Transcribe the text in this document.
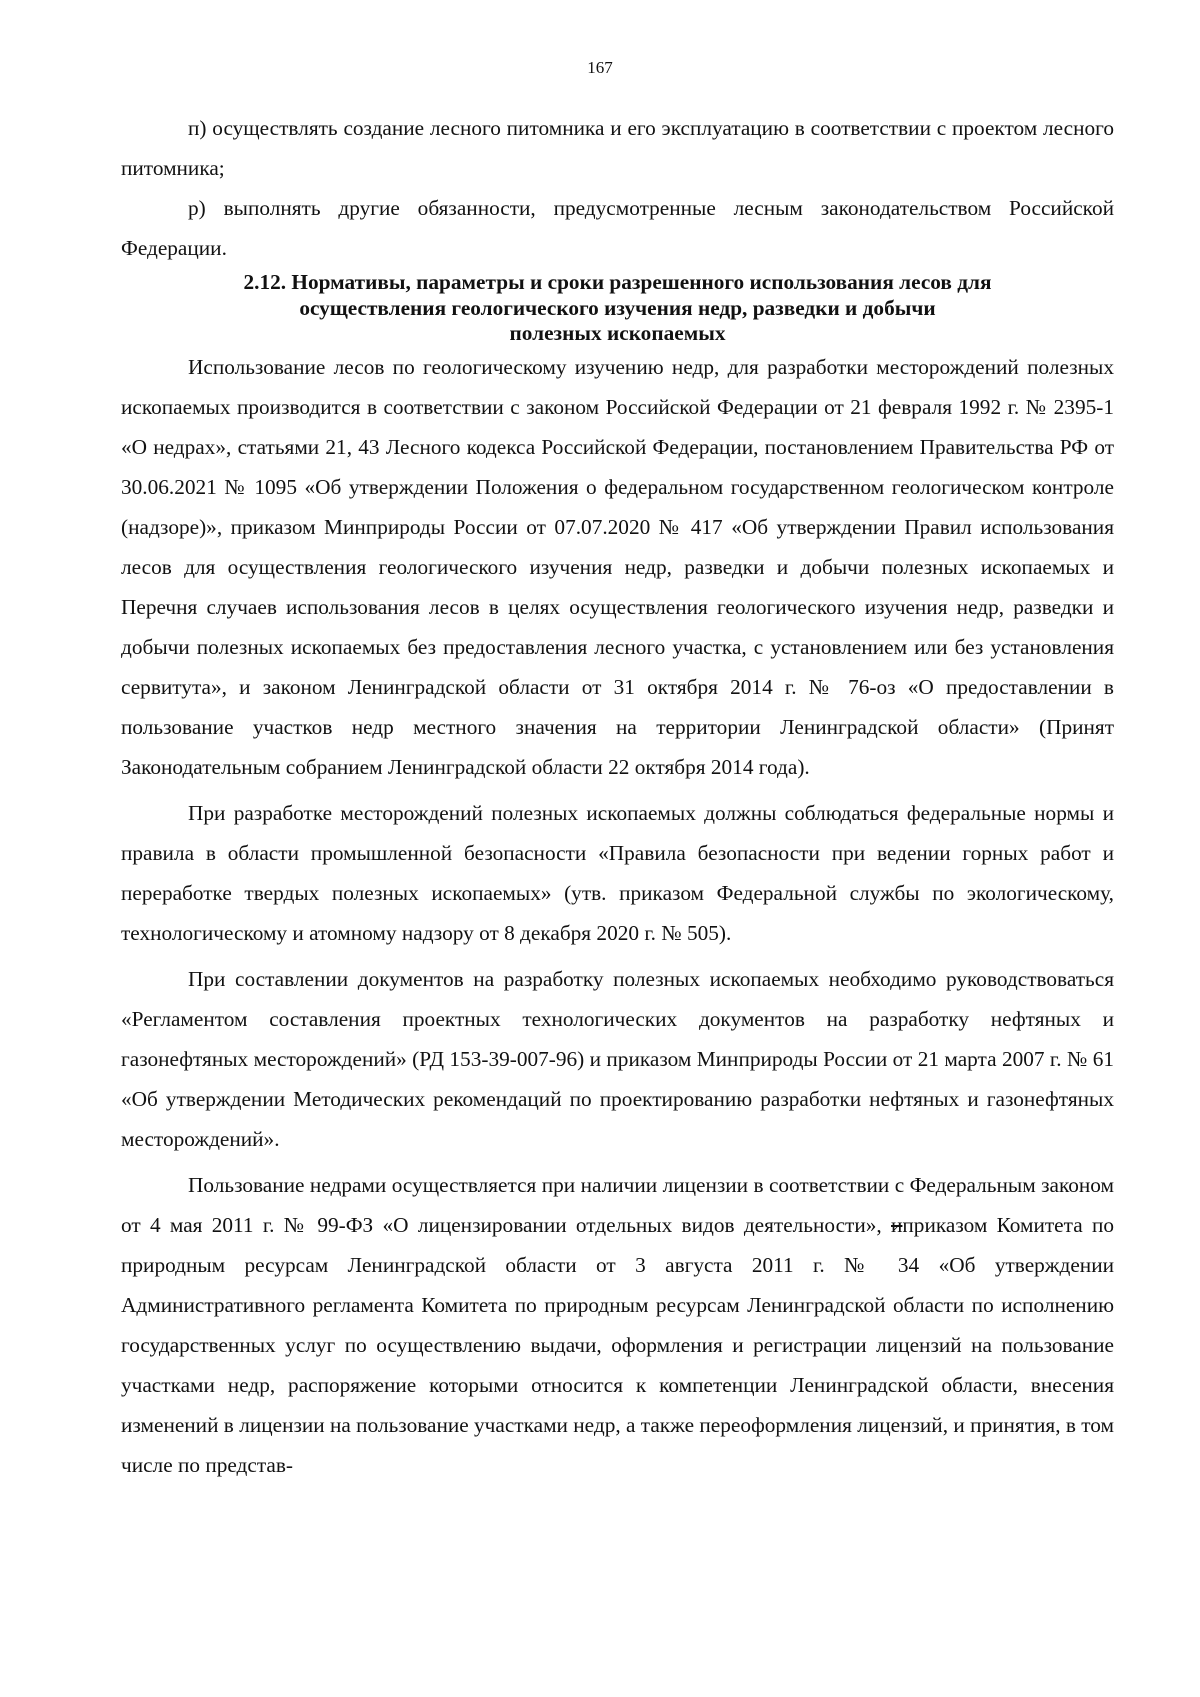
167

п) осуществлять создание лесного питомника и его эксплуатацию в соответствии с проектом лесного питомника;

р) выполнять другие обязанности, предусмотренные лесным законодательством Российской Федерации.

2.12. Нормативы, параметры и сроки разрешенного использования лесов для
осуществления геологического изучения недр, разведки и добычи
полезных ископаемых

Использование лесов по геологическому изучению недр, для разработки месторождений полезных ископаемых производится в соответствии с законом Российской Федерации от 21 февраля 1992 г. № 2395-1 «О недрах», статьями 21, 43 Лесного кодекса Российской Федерации, постановлением Правительства РФ от 30.06.2021 № 1095 «Об утверждении Положения о федеральном государственном геологическом контроле (надзоре)», приказом Минприроды России от 07.07.2020 № 417 «Об утверждении Правил использования лесов для осуществления геологического изучения недр, разведки и добычи полезных ископаемых и Перечня случаев использования лесов в целях осуществления геологического изучения недр, разведки и добычи полезных ископаемых без предоставления лесного участка, с установлением или без установления сервитута», и законом Ленинградской области от 31 октября 2014 г. № 76-оз «О предоставлении в пользование участков недр местного значения на территории Ленинградской области» (Принят Законодательным собранием Ленинградской области 22 октября 2014 года).

При разработке месторождений полезных ископаемых должны соблюдаться федеральные нормы и правила в области промышленной безопасности «Правила безопасности при ведении горных работ и переработке твердых полезных ископаемых» (утв. приказом Федеральной службы по экологическому, технологическому и атомному надзору от 8 декабря 2020 г. № 505).

При составлении документов на разработку полезных ископаемых необходимо руководствоваться «Регламентом составления проектных технологических документов на разработку нефтяных и газонефтяных месторождений» (РД 153-39-007-96) и приказом Минприроды России от 21 марта 2007 г. № 61 «Об утверждении Методических рекомендаций по проектированию разработки нефтяных и газонефтяных месторождений».

Пользование недрами осуществляется при наличии лицензии в соответствии с Федеральным законом от 4 мая 2011 г. № 99-ФЗ «О лицензировании отдельных видов деятельности», иприказом Комитета по природным ресурсам Ленинградской области от 3 августа 2011 г. № 34 «Об утверждении Административного регламента Комитета по природным ресурсам Ленинградской области по исполнению государственных услуг по осуществлению выдачи, оформления и регистрации лицензий на пользование участками недр, распоряжение которыми относится к компетенции Ленинградской области, внесения изменений в лицензии на пользование участками недр, а также переоформления лицензий, и принятия, в том числе по представ-
